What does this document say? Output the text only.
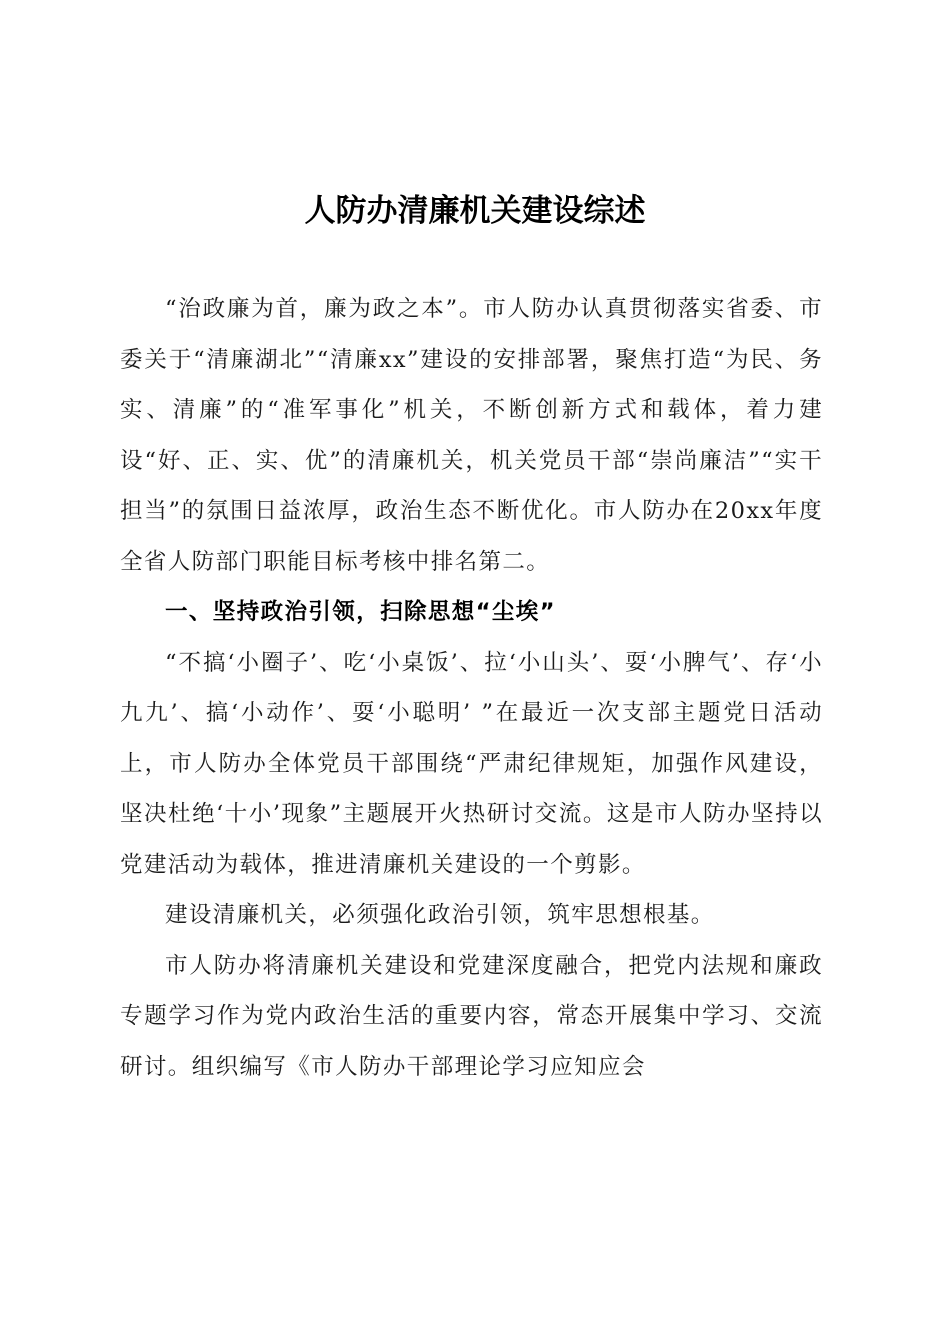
人防办清廉机关建设综述

“治政廉为首，廉为政之本”。市人防办认真贯彻落实省委、市委关于“清廉湖北”“清廉xx”建设的安排部署，聚焦打造“为民、务实、清廉”的“准军事化”机关，不断创新方式和载体，着力建设“好、正、实、优”的清廉机关，机关党员干部“崇尚廉洁”“实干担当”的氛围日益浓厚，政治生态不断优化。市人防办在20xx年度全省人防部门职能目标考核中排名第二。

一、坚持政治引领，扫除思想“尘埃”

“不搞‘小圈子’、吃‘小桌饭’、拉‘小山头’、耍‘小脾气’、存‘小九九’、搞‘小动作’、耍‘小聪明’ ”在最近一次支部主题党日活动上，市人防办全体党员干部围绕“严肃纪律规矩，加强作风建设，坚决杜绝‘十小’现象”主题展开火热研讨交流。这是市人防办坚持以党建活动为载体，推进清廉机关建设的一个剪影。

建设清廉机关，必须强化政治引领，筑牢思想根基。

市人防办将清廉机关建设和党建深度融合，把党内法规和廉政专题学习作为党内政治生活的重要内容，常态开展集中学习、交流研讨。组织编写《市人防办干部理论学习应知应会
